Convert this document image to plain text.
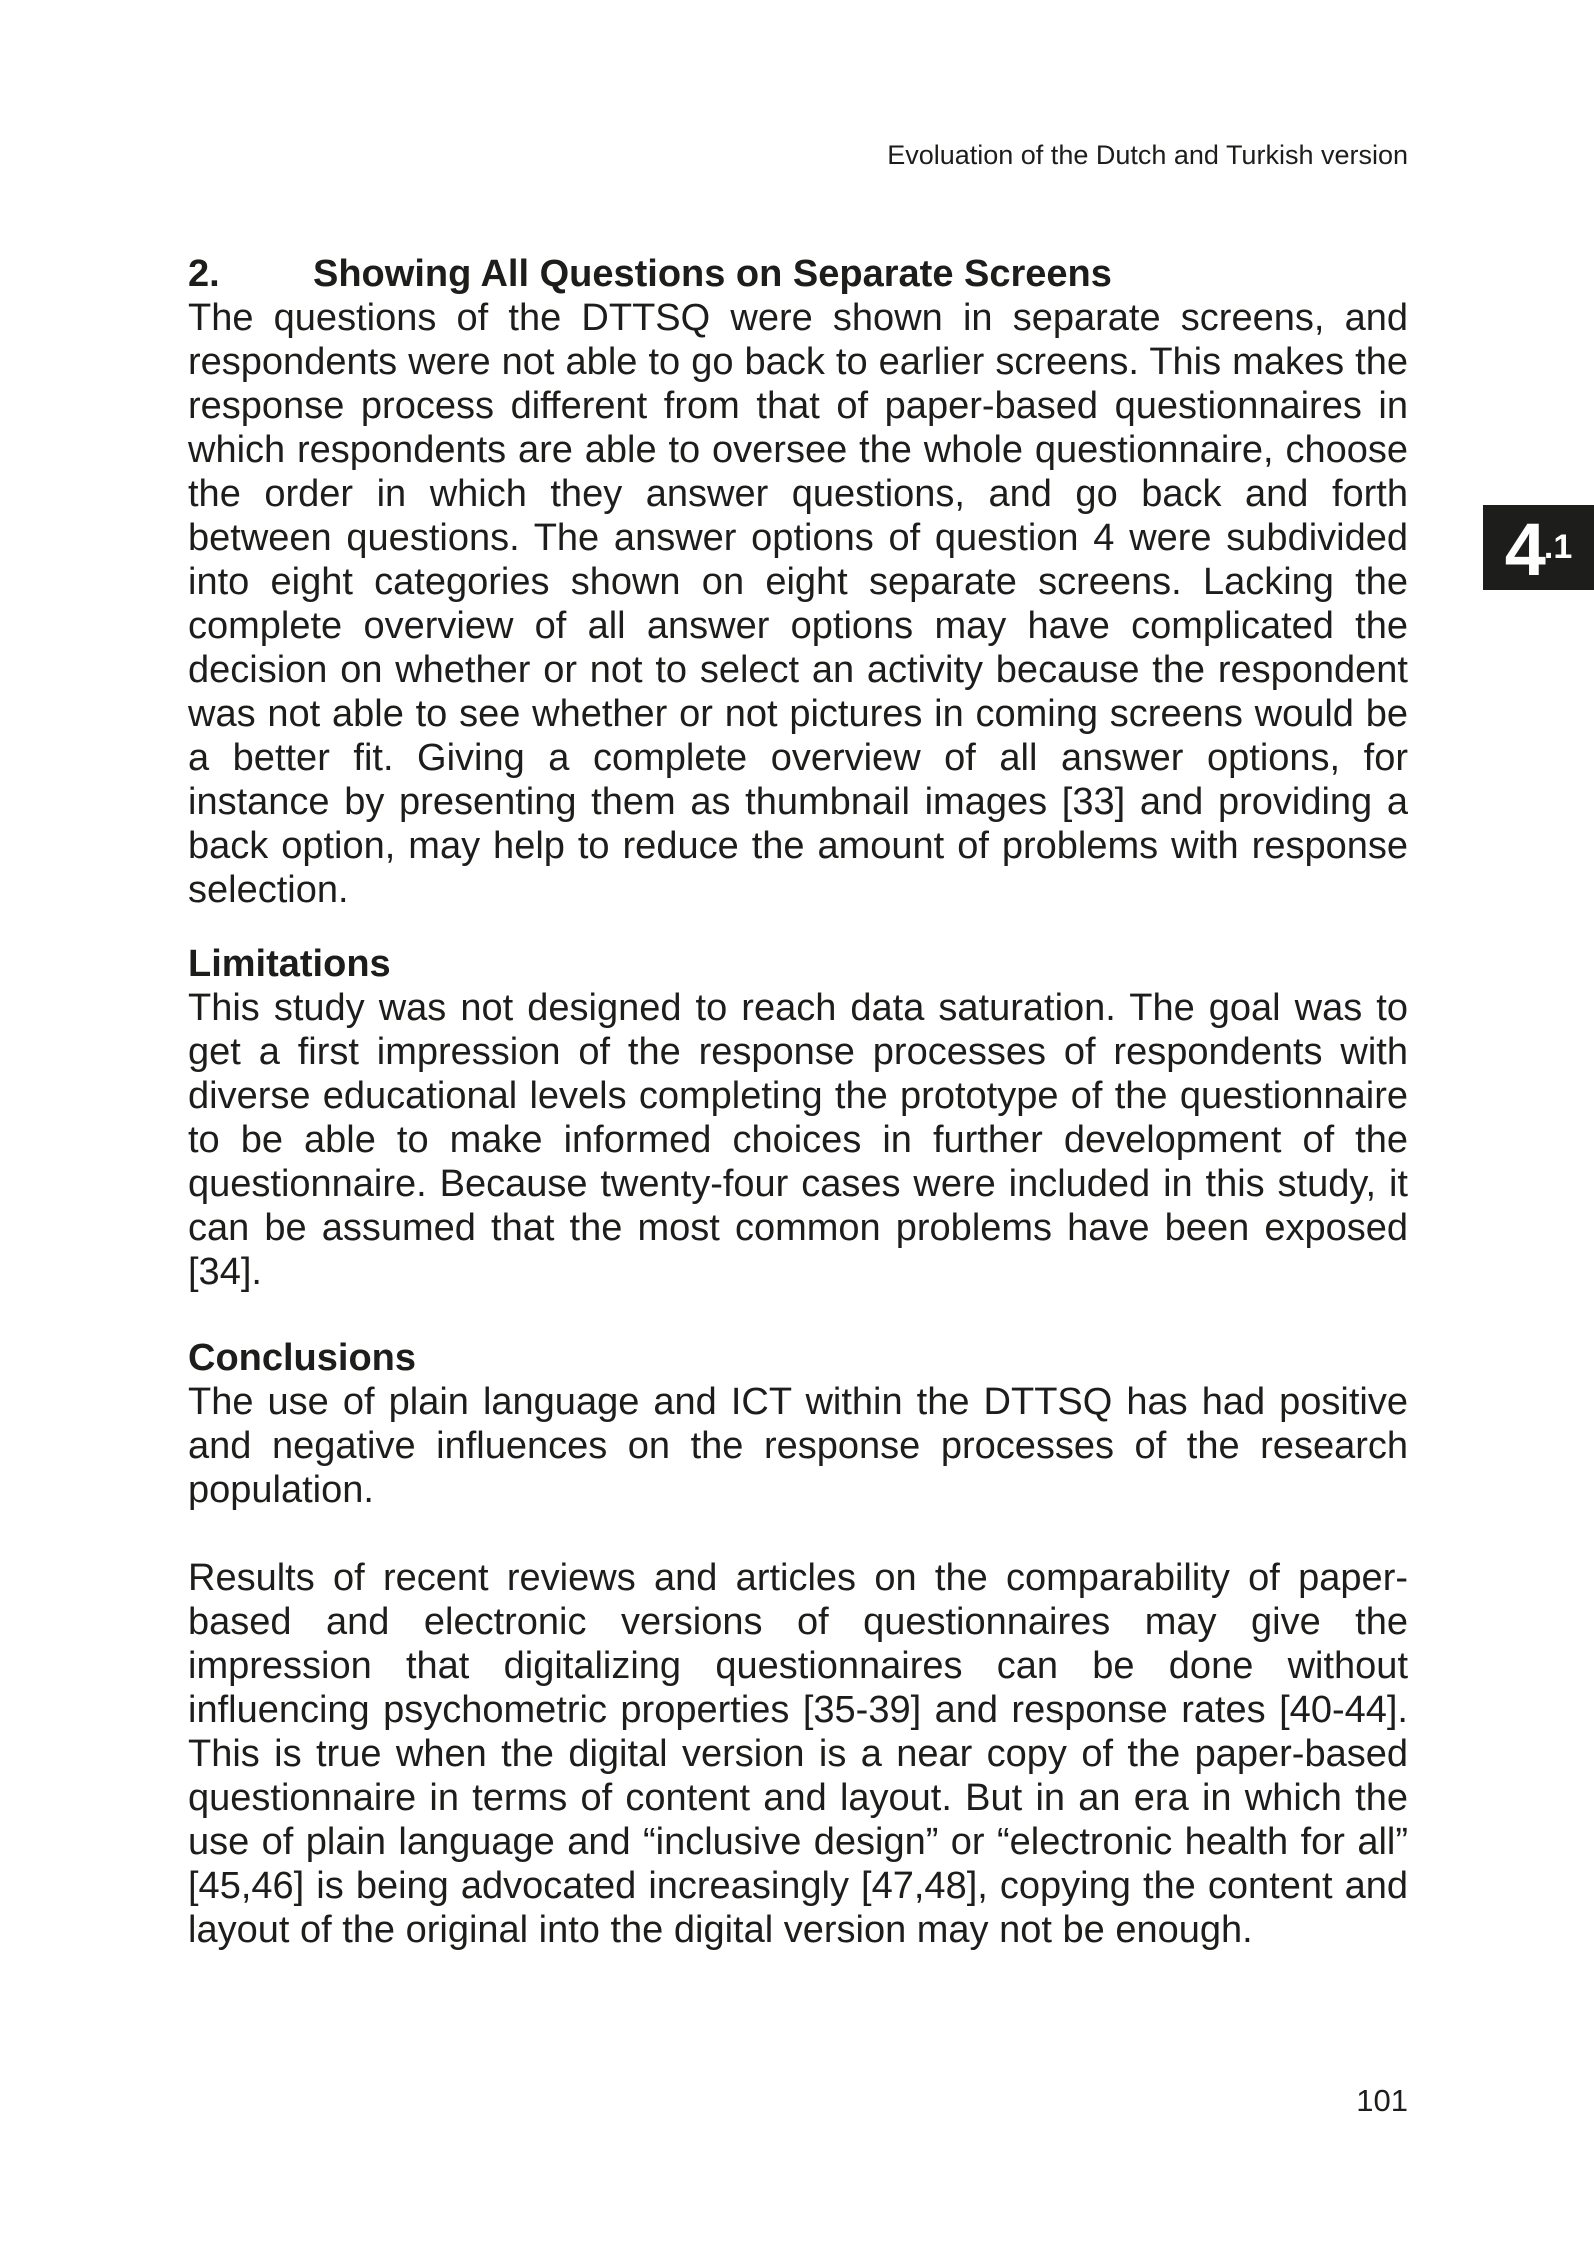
Evoluation of the Dutch and Turkish version
2. Showing All Questions on Separate Screens

The questions of the DTTSQ were shown in separate screens, and respondents were not able to go back to earlier screens. This makes the response process different from that of paper-based questionnaires in which respondents are able to oversee the whole questionnaire, choose the order in which they answer questions, and go back and forth between questions. The answer options of question 4 were subdivided into eight categories shown on eight separate screens. Lacking the complete overview of all answer options may have complicated the decision on whether or not to select an activity because the respondent was not able to see whether or not pictures in coming screens would be a better fit. Giving a complete overview of all answer options, for instance by presenting them as thumbnail images [33] and providing a back option, may help to reduce the amount of problems with response selection.

Limitations

This study was not designed to reach data saturation. The goal was to get a first impression of the response processes of respondents with diverse educational levels completing the prototype of the questionnaire to be able to make informed choices in further development of the questionnaire. Because twenty-four cases were included in this study, it can be assumed that the most common problems have been exposed [34].

Conclusions

The use of plain language and ICT within the DTTSQ has had positive and negative influences on the response processes of the research population.

Results of recent reviews and articles on the comparability of paper-based and electronic versions of questionnaires may give the impression that digitalizing questionnaires can be done without influencing psychometric properties [35-39] and response rates [40-44]. This is true when the digital version is a near copy of the paper-based questionnaire in terms of content and layout. But in an era in which the use of plain language and “inclusive design” or “electronic health for all” [45,46] is being advocated increasingly [47,48], copying the content and layout of the original into the digital version may not be enough.

4 .1
101
